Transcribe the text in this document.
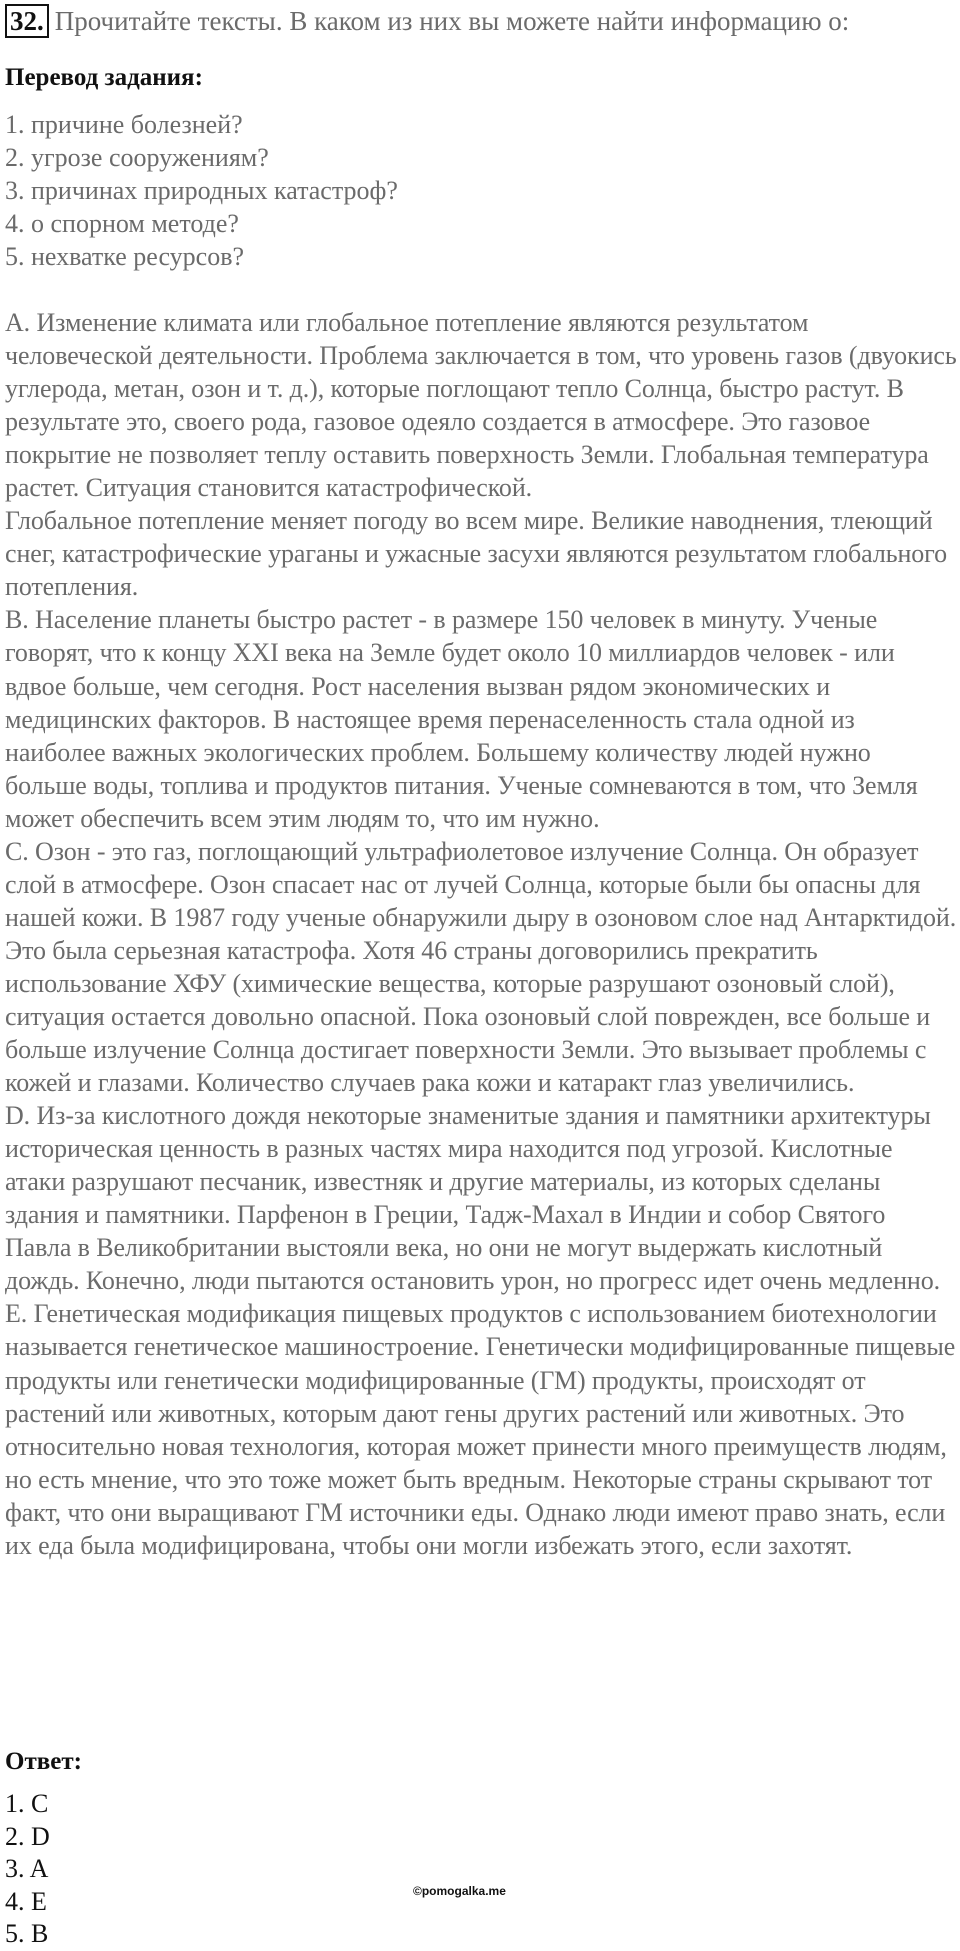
32. Прочитайте тексты. В каком из них вы можете найти информацию о:
Перевод задания:
1. причине болезней?
2. угрозе сооружениям?
3. причинах природных катастроф?
4. о спорном методе?
5. нехватке ресурсов?

А. Изменение климата или глобальное потепление являются результатом человеческой деятельности. Проблема заключается в том, что уровень газов (двуокись углерода, метан, озон и т. д.), которые поглощают тепло Солнца, быстро растут. В результате это, своего рода, газовое одеяло создается в атмосфере. Это газовое покрытие не позволяет теплу оставить поверхность Земли. Глобальная температура растет. Ситуация становится катастрофической.

Глобальное потепление меняет погоду во всем мире. Великие наводнения, тлеющий снег, катастрофические ураганы и ужасные засухи являются результатом глобального потепления.

B. Население планеты быстро растет - в размере 150 человек в минуту. Ученые говорят, что к концу XXI века на Земле будет около 10 миллиардов человек - или вдвое больше, чем сегодня. Рост населения вызван рядом экономических и медицинских факторов. В настоящее время перенаселенность стала одной из наиболее важных экологических проблем. Большему количеству людей нужно больше воды, топлива и продуктов питания. Ученые сомневаются в том, что Земля может обеспечить всем этим людям то, что им нужно.

C. Озон - это газ, поглощающий ультрафиолетовое излучение Солнца. Он образует слой в атмосфере. Озон спасает нас от лучей Солнца, которые были бы опасны для нашей кожи. В 1987 году ученые обнаружили дыру в озоновом слое над Антарктидой. Это была серьезная катастрофа. Хотя 46 страны договорились прекратить использование ХФУ (химические вещества, которые разрушают озоновый слой), ситуация остается довольно опасной. Пока озоновый слой поврежден, все больше и больше излучение Солнца достигает поверхности Земли. Это вызывает проблемы с кожей и глазами. Количество случаев рака кожи и катаракт глаз увеличились.

D. Из-за кислотного дождя некоторые знаменитые здания и памятники архитектуры историческая ценность в разных частях мира находится под угрозой. Кислотные атаки разрушают песчаник, известняк и другие материалы, из которых сделаны здания и памятники. Парфенон в Греции, Тадж-Махал в Индии и собор Святого Павла в Великобритании выстояли века, но они не могут выдержать кислотный дождь. Конечно, люди пытаются остановить урон, но прогресс идет очень медленно.

E. Генетическая модификация пищевых продуктов с использованием биотехнологии называется генетическое машиностроение. Генетически модифицированные пищевые продукты или генетически модифицированные (ГМ) продукты, происходят от растений или животных, которым дают гены других растений или животных. Это относительно новая технология, которая может принести много преимуществ людям, но есть мнение, что это тоже может быть вредным. Некоторые страны скрывают тот факт, что они выращивают ГМ источники еды. Однако люди имеют право знать, если их еда была модифицирована, чтобы они могли избежать этого, если захотят.

Ответ:
1. C
2. D
3. A
4. E
5. B
©pomogalka.me
